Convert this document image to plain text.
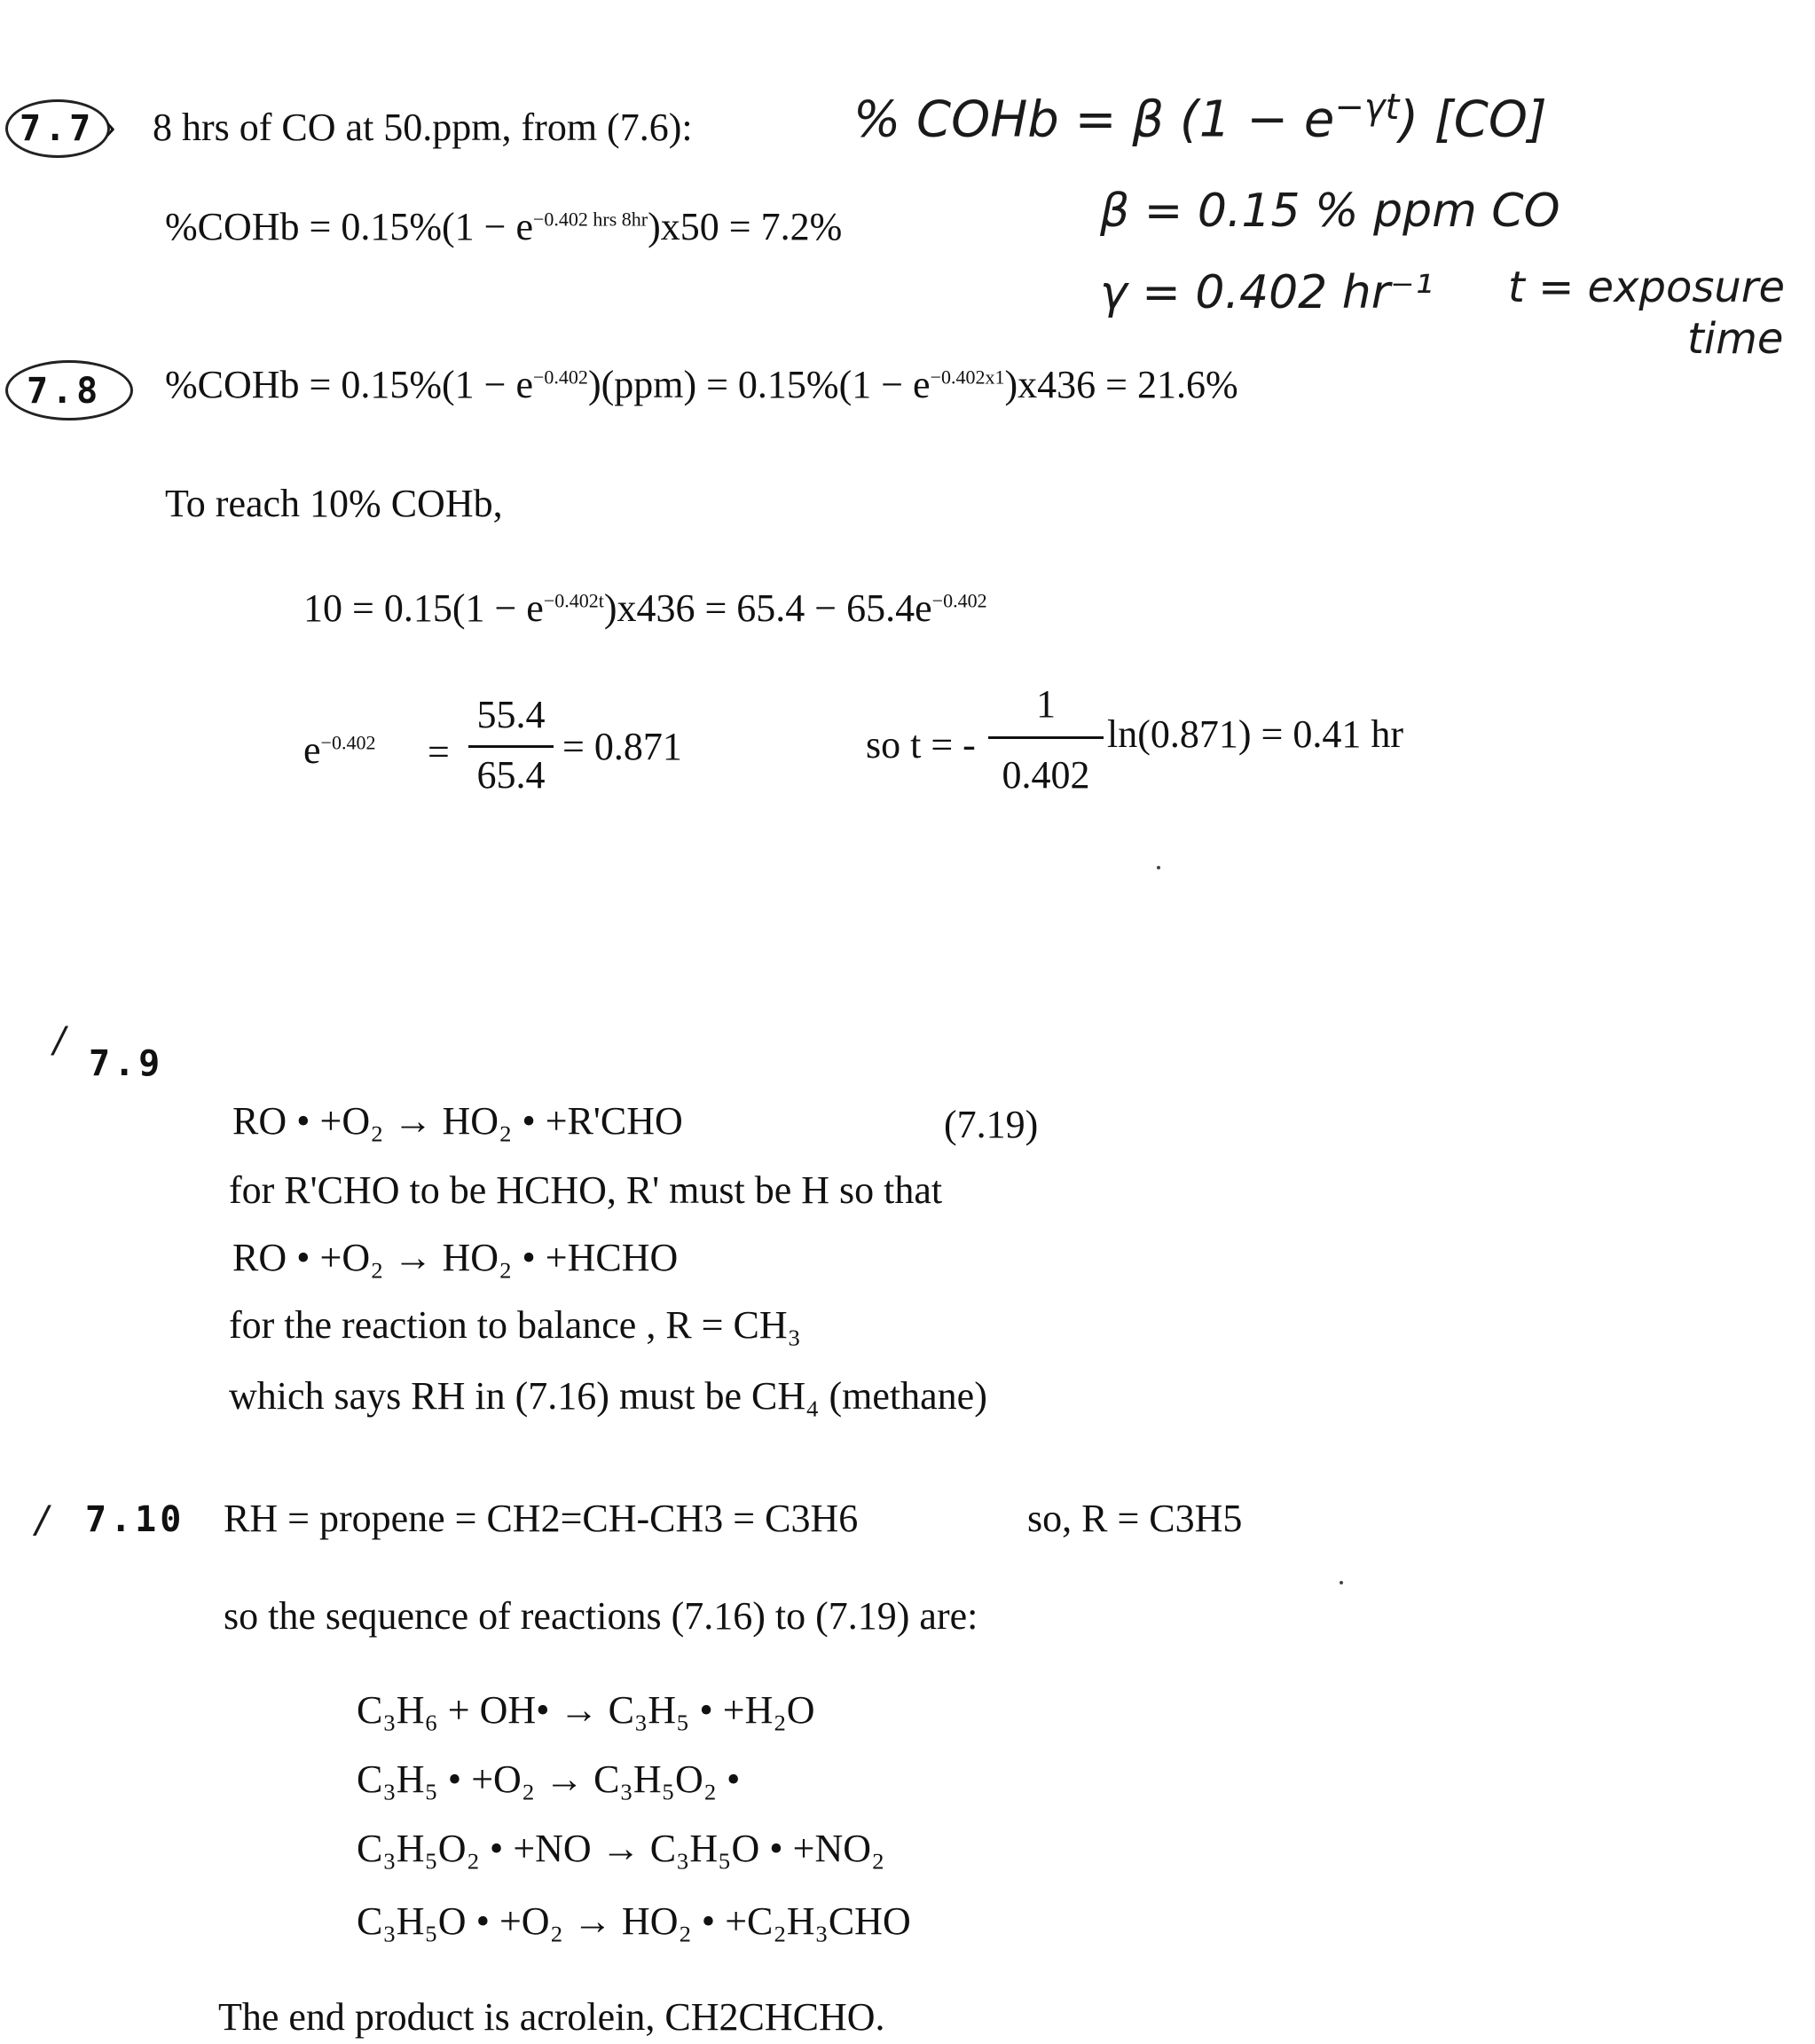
7.7 › 8 hrs of CO at 50.ppm, from (7.6):	% COHb = β $(1 - e^{-\gamma t})$ [CO]
%COHb = $0.15\%(1 - e^{-0.402 hrs 8hr})x50 = 7.2\%$	β = 0.15 % ppm CO
γ = 0.402 hr⁻¹ t = exposure
time
7.8 %COHb = $0.15\%(1 - e^{-0.402})(ppm) = 0.15\%(1 - e^{-0.402x1})x436 = 21.6\%$
To reach 10% COHb,
$10 = 0.15(1 - e^{-0.402t})x436 = 65.4 - 65.4e^{-0.402}$
$e^{-0.402}$ =
55.4
65.4
= 0.871	so t = -
1
0.402
ln(0.871) = 0.41 hr
/
7.9
RO • +O₂ → HO₂ • +R'CHO	(7.19)
for R'CHO to be HCHO, R' must be H so that
RO • +O₂ → HO₂ • +HCHO
for the reaction to balance , R = CH₃
which says RH in (7.16) must be CH₄ (methane)
/ 7.10 RH = propene = CH2=CH-CH3 = C3H6	so, R = C3H5
so the sequence of reactions (7.16) to (7.19) are:
C₃H₆ + OH• → C₃H₅ • +H₂O
C₃H₅ • +O₂ → C₃H₅O₂ •
C₃H₅O₂ • +NO → C₃H₅O • +NO₂
C₃H₅O • +O₂ → HO₂ • +C₂H₃CHO
The end product is acrolein, CH2CHCHO.
